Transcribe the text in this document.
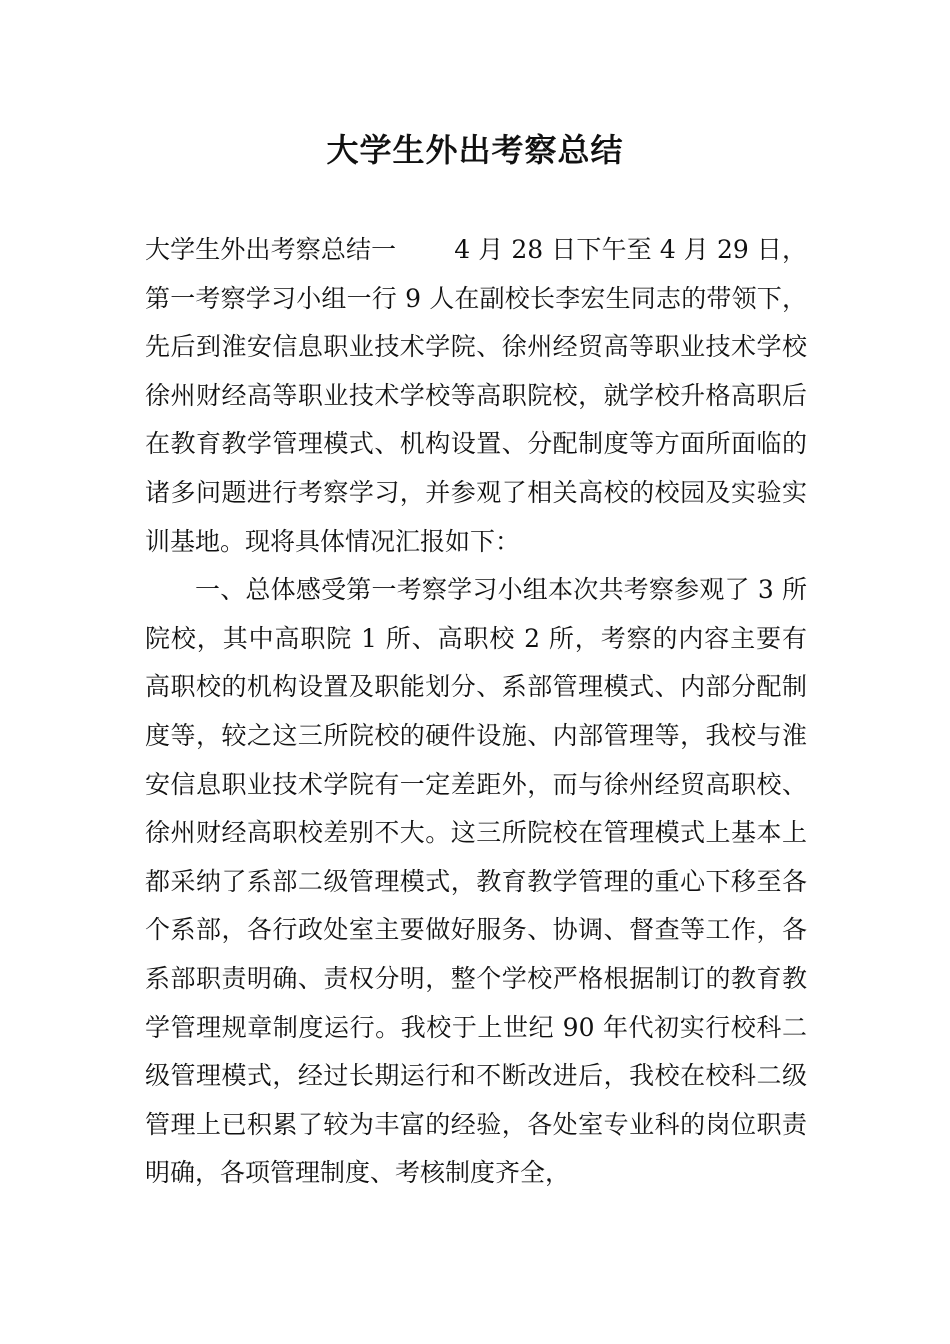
大学生外出考察总结

大学生外出考察总结一 4 月 28 日下午至 4 月 29 日，第一考察学习小组一行 9 人在副校长李宏生同志的带领下，先后到淮安信息职业技术学院、徐州经贸高等职业技术学校徐州财经高等职业技术学校等高职院校，就学校升格高职后在教育教学管理模式、机构设置、分配制度等方面所面临的诸多问题进行考察学习，并参观了相关高校的校园及实验实训基地。现将具体情况汇报如下：

一、总体感受第一考察学习小组本次共考察参观了 3 所院校，其中高职院 1 所、高职校 2 所，考察的内容主要有高职校的机构设置及职能划分、系部管理模式、内部分配制度等，较之这三所院校的硬件设施、内部管理等，我校与淮安信息职业技术学院有一定差距外，而与徐州经贸高职校、徐州财经高职校差别不大。这三所院校在管理模式上基本上都采纳了系部二级管理模式，教育教学管理的重心下移至各个系部，各行政处室主要做好服务、协调、督查等工作，各系部职责明确、责权分明，整个学校严格根据制订的教育教学管理规章制度运行。我校于上世纪 90 年代初实行校科二级管理模式，经过长期运行和不断改进后，我校在校科二级管理上已积累了较为丰富的经验，各处室专业科的岗位职责明确，各项管理制度、考核制度齐全，
